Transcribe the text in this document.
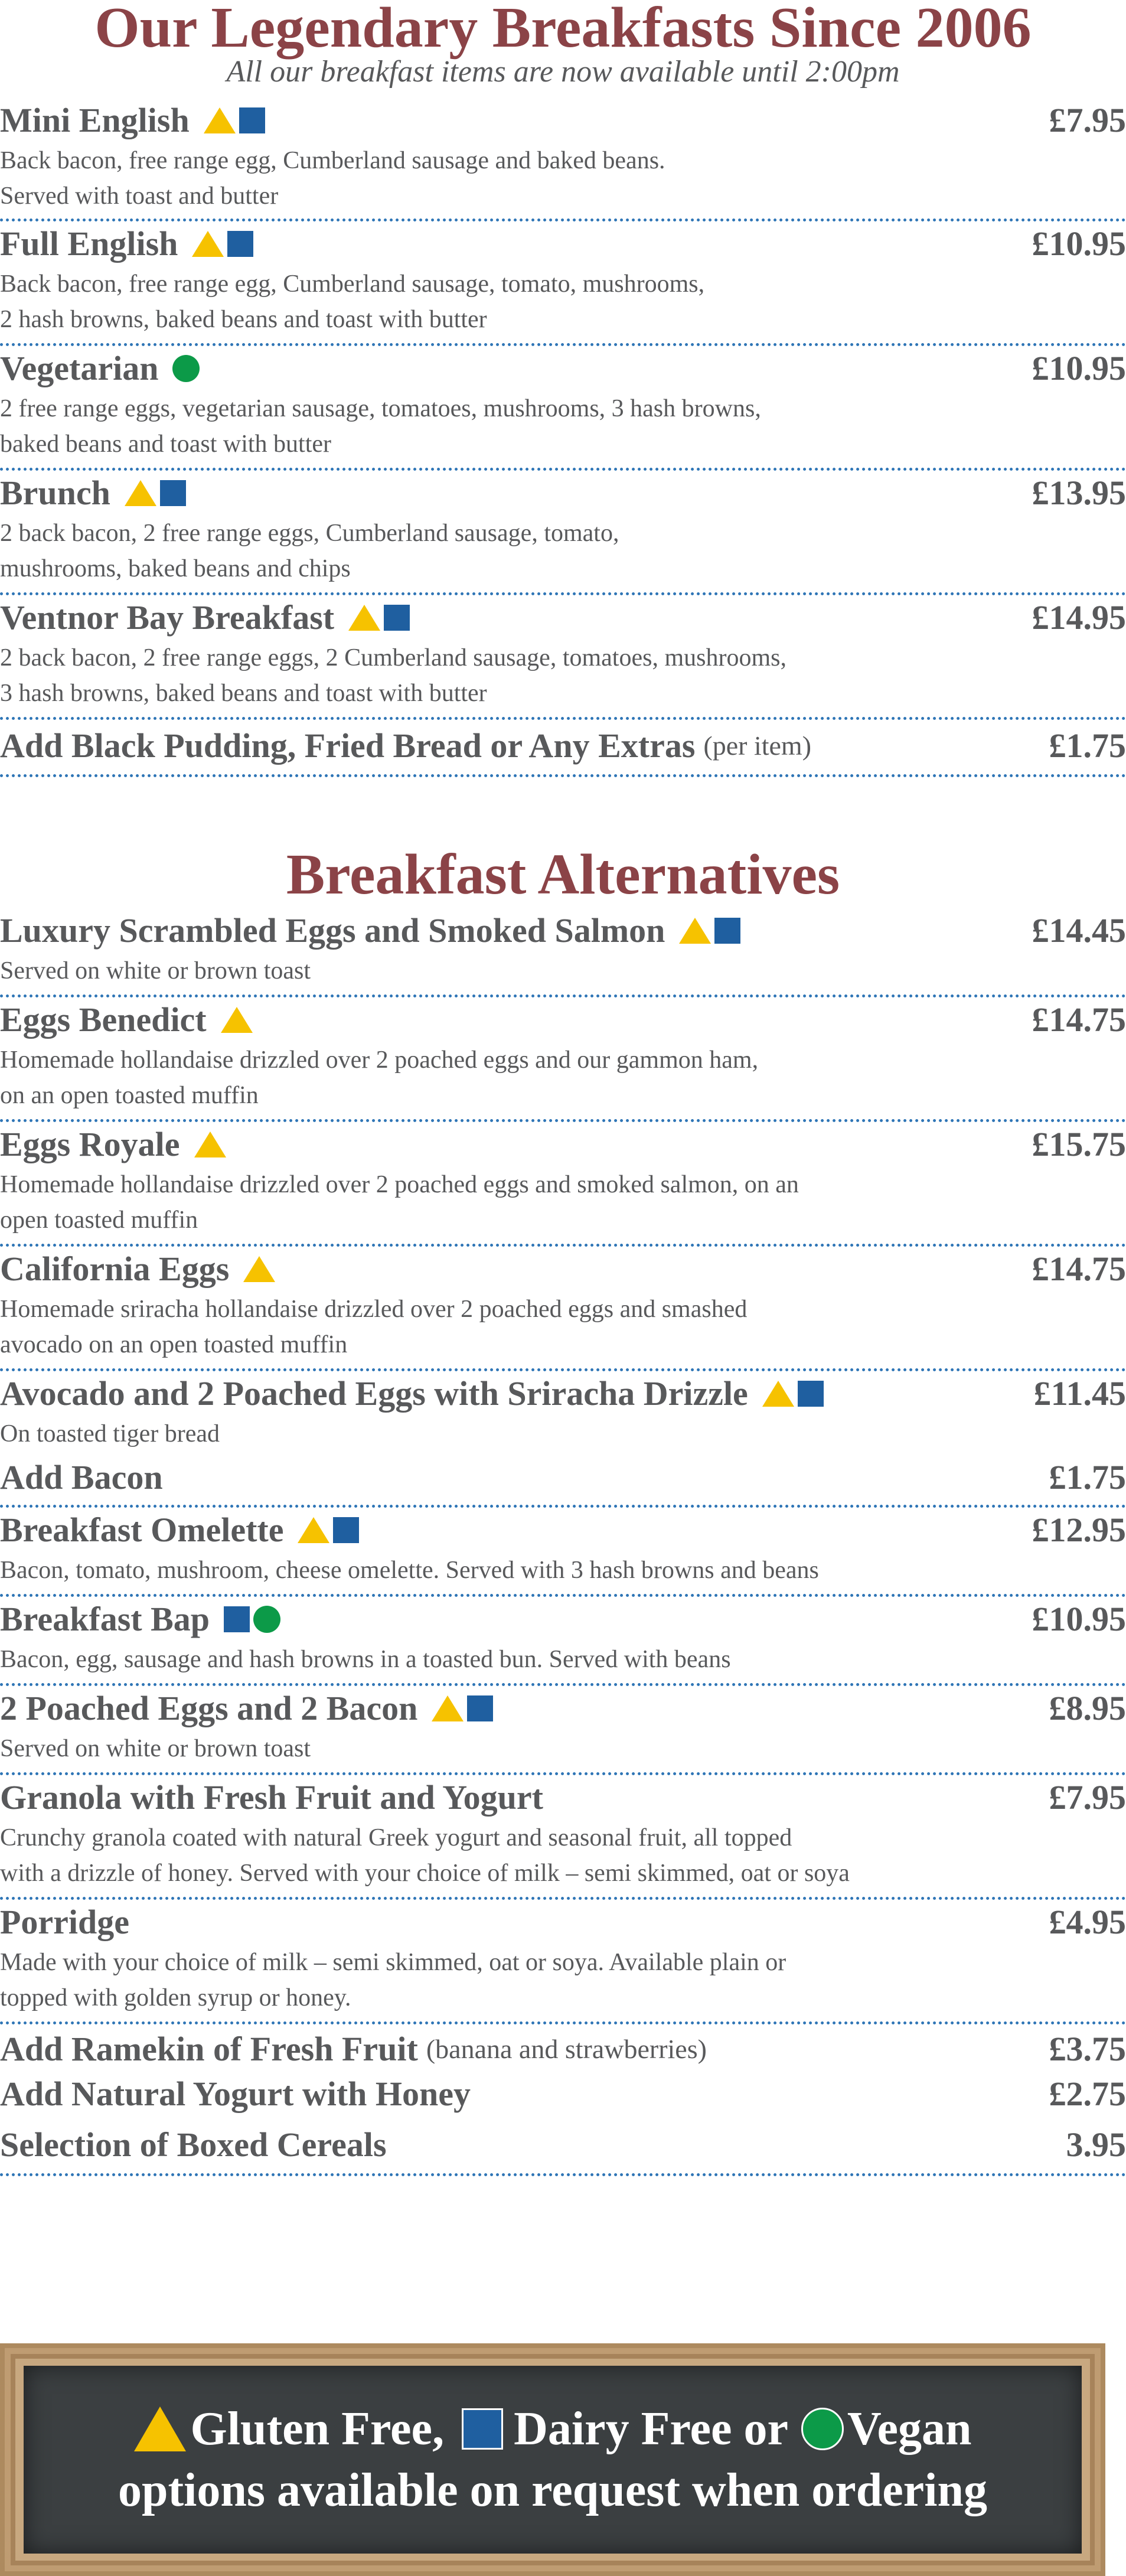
Our Legendary Breakfasts Since 2006

All our breakfast items are now available until 2:00pm

Mini English	£7.95

Back bacon, free range egg, Cumberland sausage and baked beans.

Served with toast and butter

Full English	£10.95

Back bacon, free range egg, Cumberland sausage, tomato, mushrooms,

2 hash browns, baked beans and toast with butter

Vegetarian	£10.95

2 free range eggs, vegetarian sausage, tomatoes, mushrooms, 3 hash browns,

baked beans and toast with butter

Brunch	£13.95

2 back bacon, 2 free range eggs, Cumberland sausage, tomato,

mushrooms, baked beans and chips

Ventnor Bay Breakfast	£14.95

2 back bacon, 2 free range eggs, 2 Cumberland sausage, tomatoes, mushrooms,

3 hash browns, baked beans and toast with butter

Add Black Pudding, Fried Bread or Any Extras (per item)	£1.75
Breakfast Alternatives
Luxury Scrambled Eggs and Smoked Salmon	£14.45

Served on white or brown toast

Eggs Benedict	£14.75

Homemade hollandaise drizzled over 2 poached eggs and our gammon ham,

on an open toasted muffin

Eggs Royale	£15.75

Homemade hollandaise drizzled over 2 poached eggs and smoked salmon, on an

open toasted muffin

California Eggs	£14.75

Homemade sriracha hollandaise drizzled over 2 poached eggs and smashed

avocado on an open toasted muffin

Avocado and 2 Poached Eggs with Sriracha Drizzle	£11.45

On toasted tiger bread

Add Bacon	£1.75
Breakfast Omelette	£12.95

Bacon, tomato, mushroom, cheese omelette. Served with 3 hash browns and beans

Breakfast Bap	£10.95

Bacon, egg, sausage and hash browns in a toasted bun. Served with beans

2 Poached Eggs and 2 Bacon	£8.95

Served on white or brown toast

Granola with Fresh Fruit and Yogurt	£7.95

Crunchy granola coated with natural Greek yogurt and seasonal fruit, all topped

with a drizzle of honey. Served with your choice of milk – semi skimmed, oat or soya

Porridge	£4.95

Made with your choice of milk – semi skimmed, oat or soya. Available plain or

topped with golden syrup or honey.

Add Ramekin of Fresh Fruit (banana and strawberries)	£3.75
Add Natural Yogurt with Honey	£2.75
Selection of Boxed Cereals	3.95
Gluten Free, Dairy Free or Vegan
options available on request when ordering
